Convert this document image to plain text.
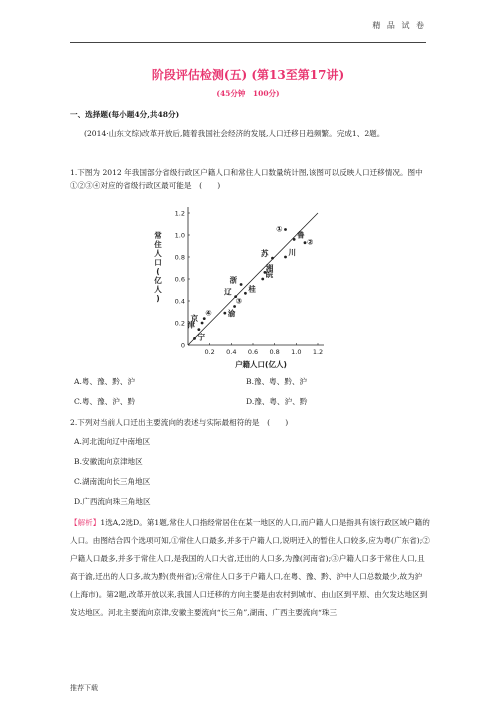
精 品 试 卷
阶段评估检测(五) (第13至第17讲)
(45分钟　100分)
一、选择题(每小题4分,共48分)
(2014·山东文综)改革开放后,随着我国社会经济的发展,人口迁移日趋频繁。完成1、2题。
1.下图为 2012 年我国部分省级行政区户籍人口和常住人口数量统计图,该图可以反映人口迁移情况。图中①②③④对应的省级行政区最可能是　(　　)
0.2 0.4 0.6 0.8 1.0 1.2
0
0.2
0.4
0.6
0.8
1.0
1.2
户籍人口(亿人)
常
住
人
口
(
亿
人
)
①
鲁
②
苏	川
湘
皖
浙
桂
辽
③
渝
④
京
津
宁
A.粤、豫、黔、沪	B.豫、粤、黔、沪
C.粤、豫、沪、黔	D.豫、粤、沪、黔
2.下列对当前人口迁出主要流向的表述与实际最相符的是　(　　)
A.河北流向辽中南地区
B.安徽流向京津地区
C.湖南流向长三角地区
D.广西流向珠三角地区
【解析】1选A,2选D。第1题,常住人口指经常居住在某一地区的人口,而户籍人口是指具有该行政区域户籍的人口。由图结合四个选项可知,①常住人口最多,并多于户籍人口,说明迁入的暂住人口较多,应为粤(广东省);②户籍人口最多,并多于常住人口,是我国的人口大省,迁出的人口多,为豫(河南省);③户籍人口多于常住人口,且高于渝,迁出的人口多,故为黔(贵州省);④常住人口多于户籍人口,在粤、豫、黔、沪中人口总数最少,故为沪(上海市)。第2题,改革开放以来,我国人口迁移的方向主要是由农村到城市、由山区到平原、由欠发达地区到发达地区。河北主要流向京津,安徽主要流向“长三角”,湖南、广西主要流向“珠三
推荐下载
